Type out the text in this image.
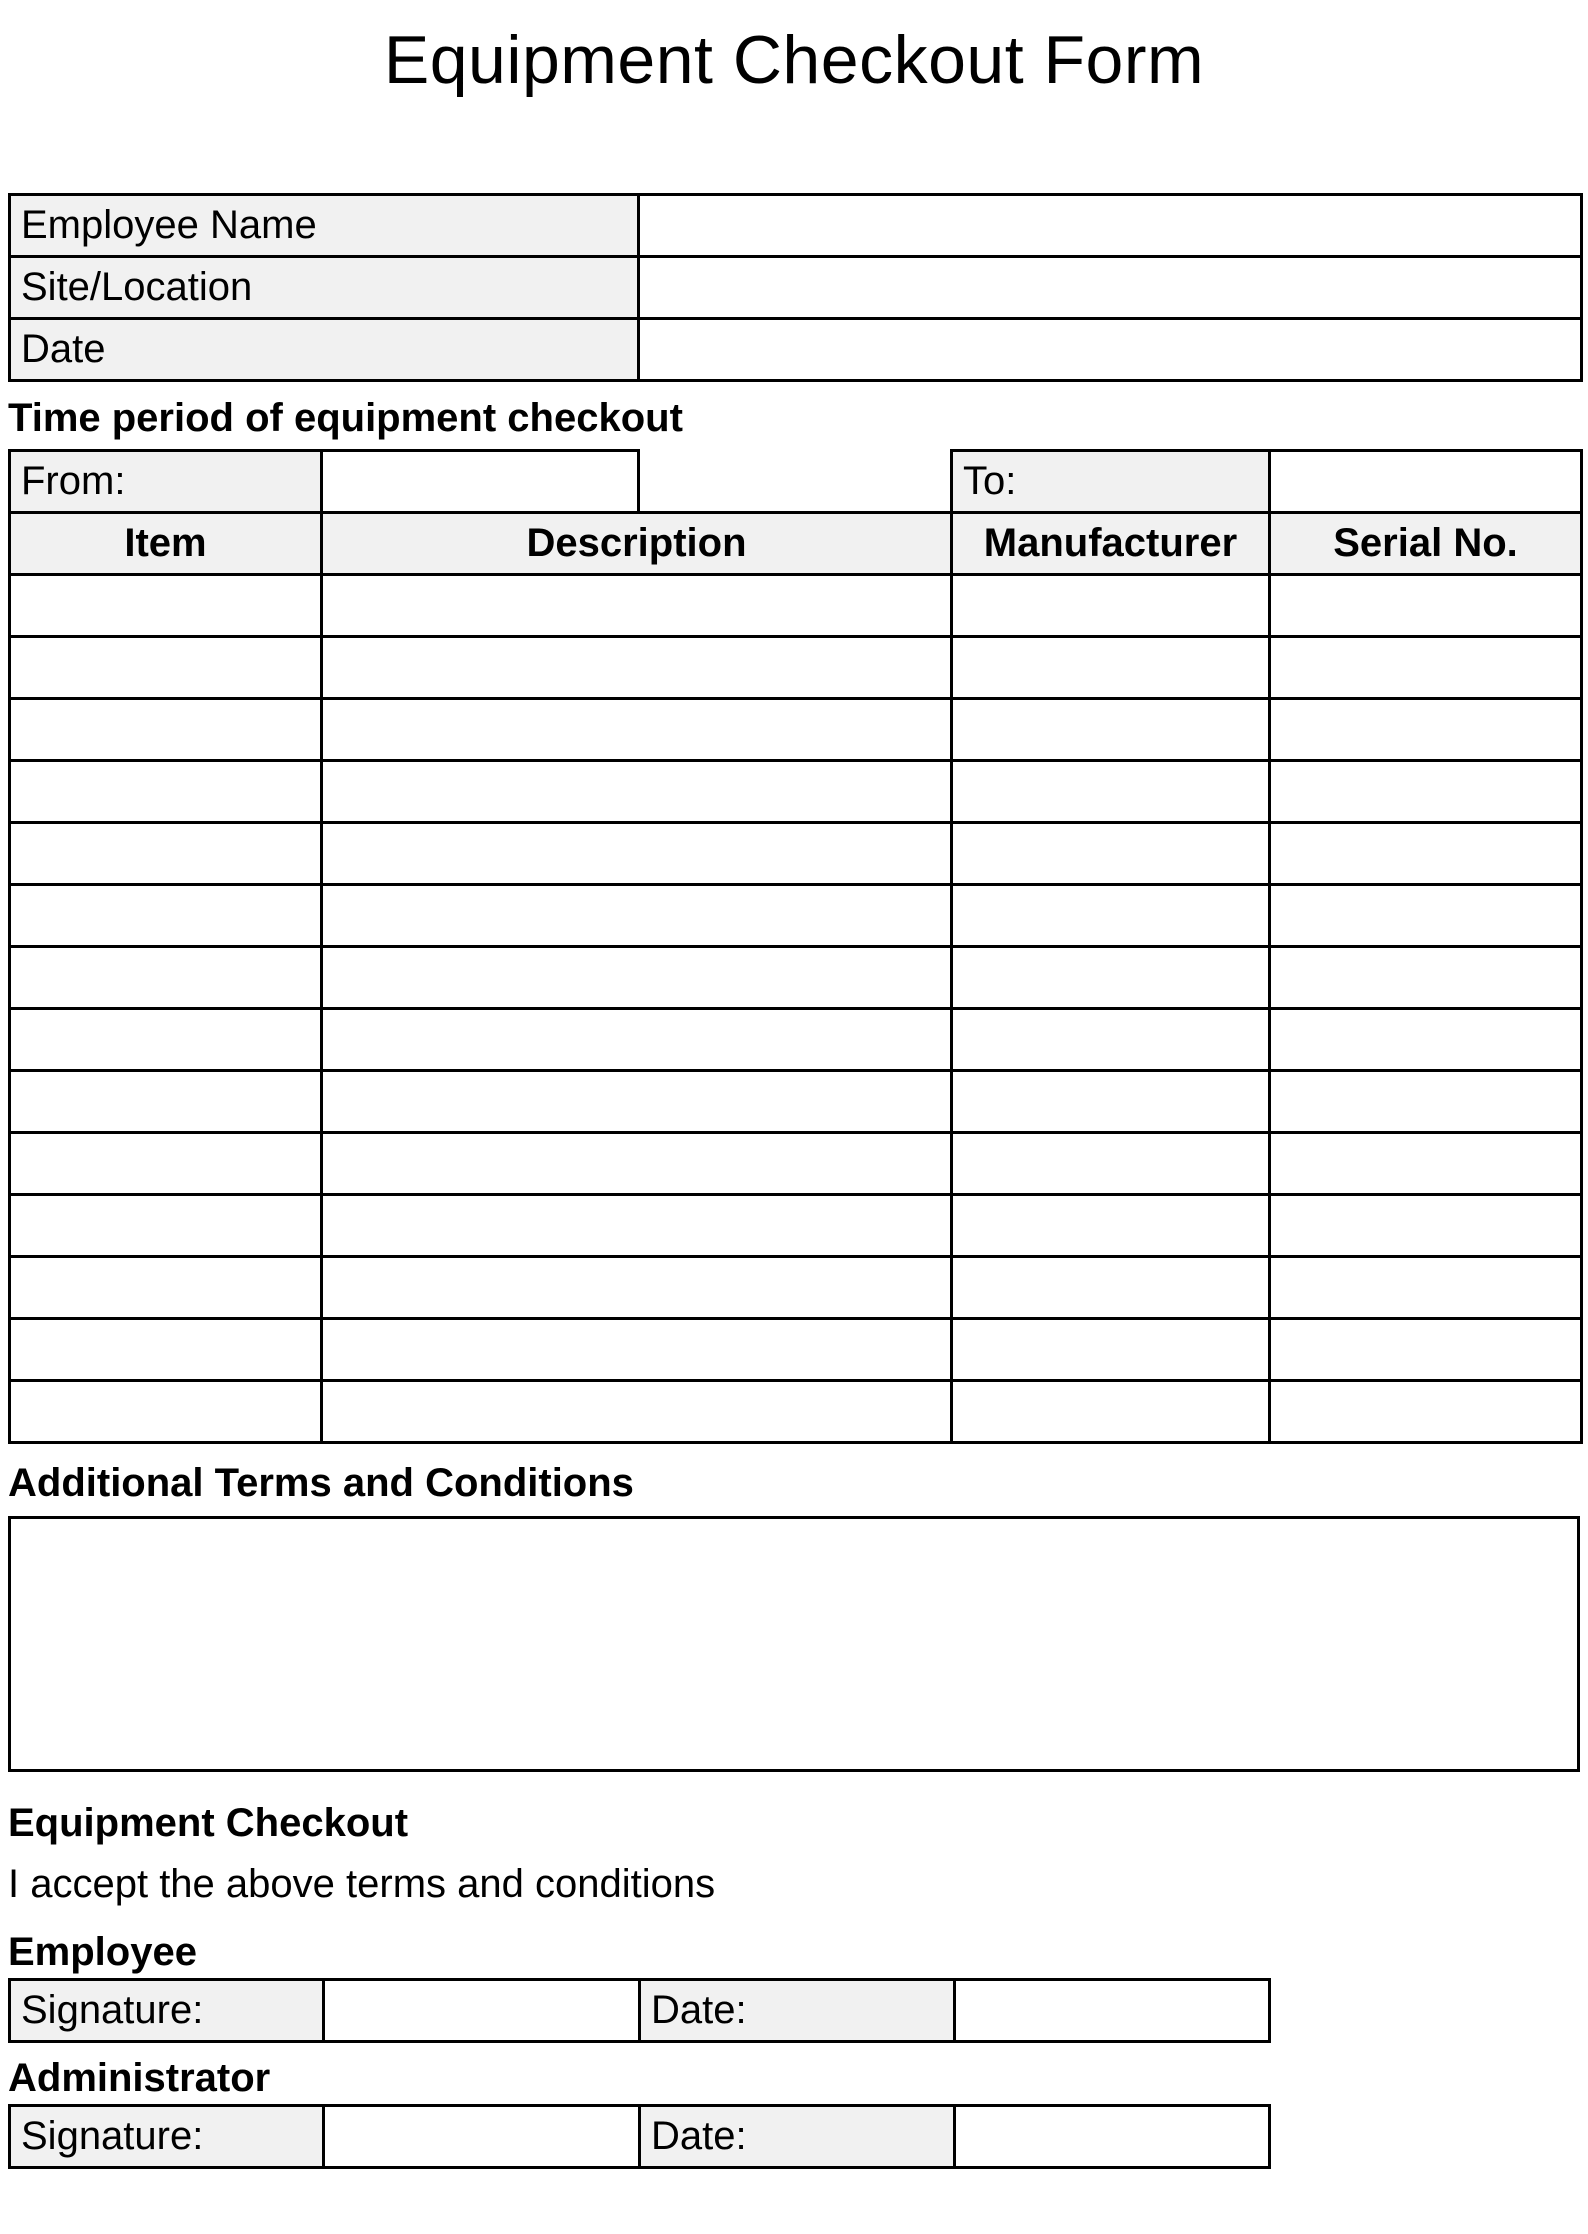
Equipment Checkout Form
Employee Name	
Site/Location	
Date	
Time period of equipment checkout
From:			To:	
Item	Description		Manufacturer	Serial No.

Additional Terms and Conditions
Equipment Checkout

I accept the above terms and conditions

Employee
Signature:		Date:	
Administrator
Signature:		Date:	
